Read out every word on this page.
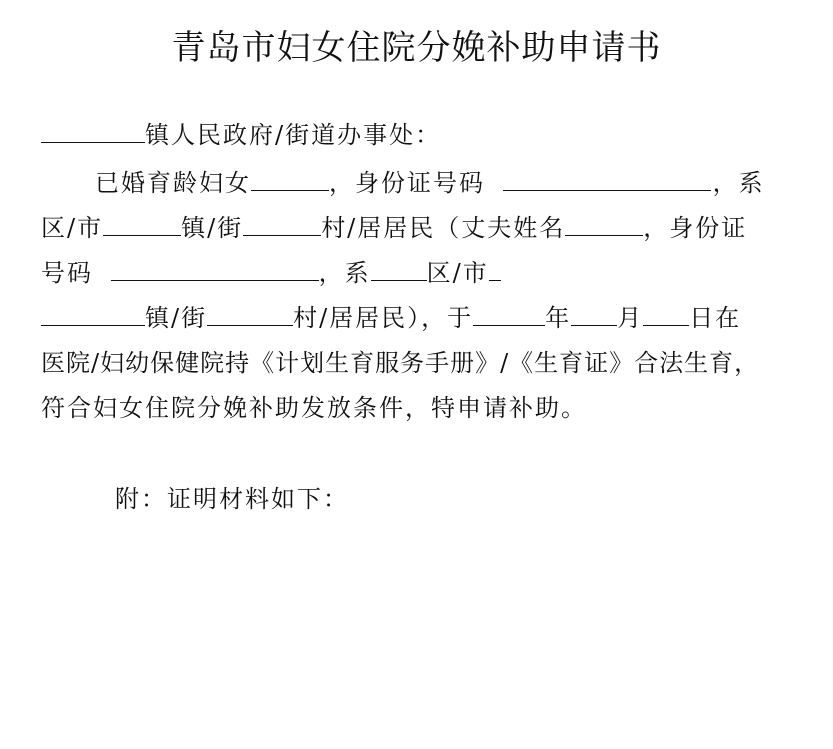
青岛市妇女住院分娩补助申请书
镇人民政府/街道办事处：
已婚育龄妇女	，身份证号码	，系
区/市	镇/街	村/居居民（丈夫姓名	，身份证
号码	，系 区/市
镇/街	村/居居民），于	年 月 日在
医院/妇幼保健院持《计划生育服务手册》/《生育证》合法生育，
符合妇女住院分娩补助发放条件，特申请补助。
附：证明材料如下：
